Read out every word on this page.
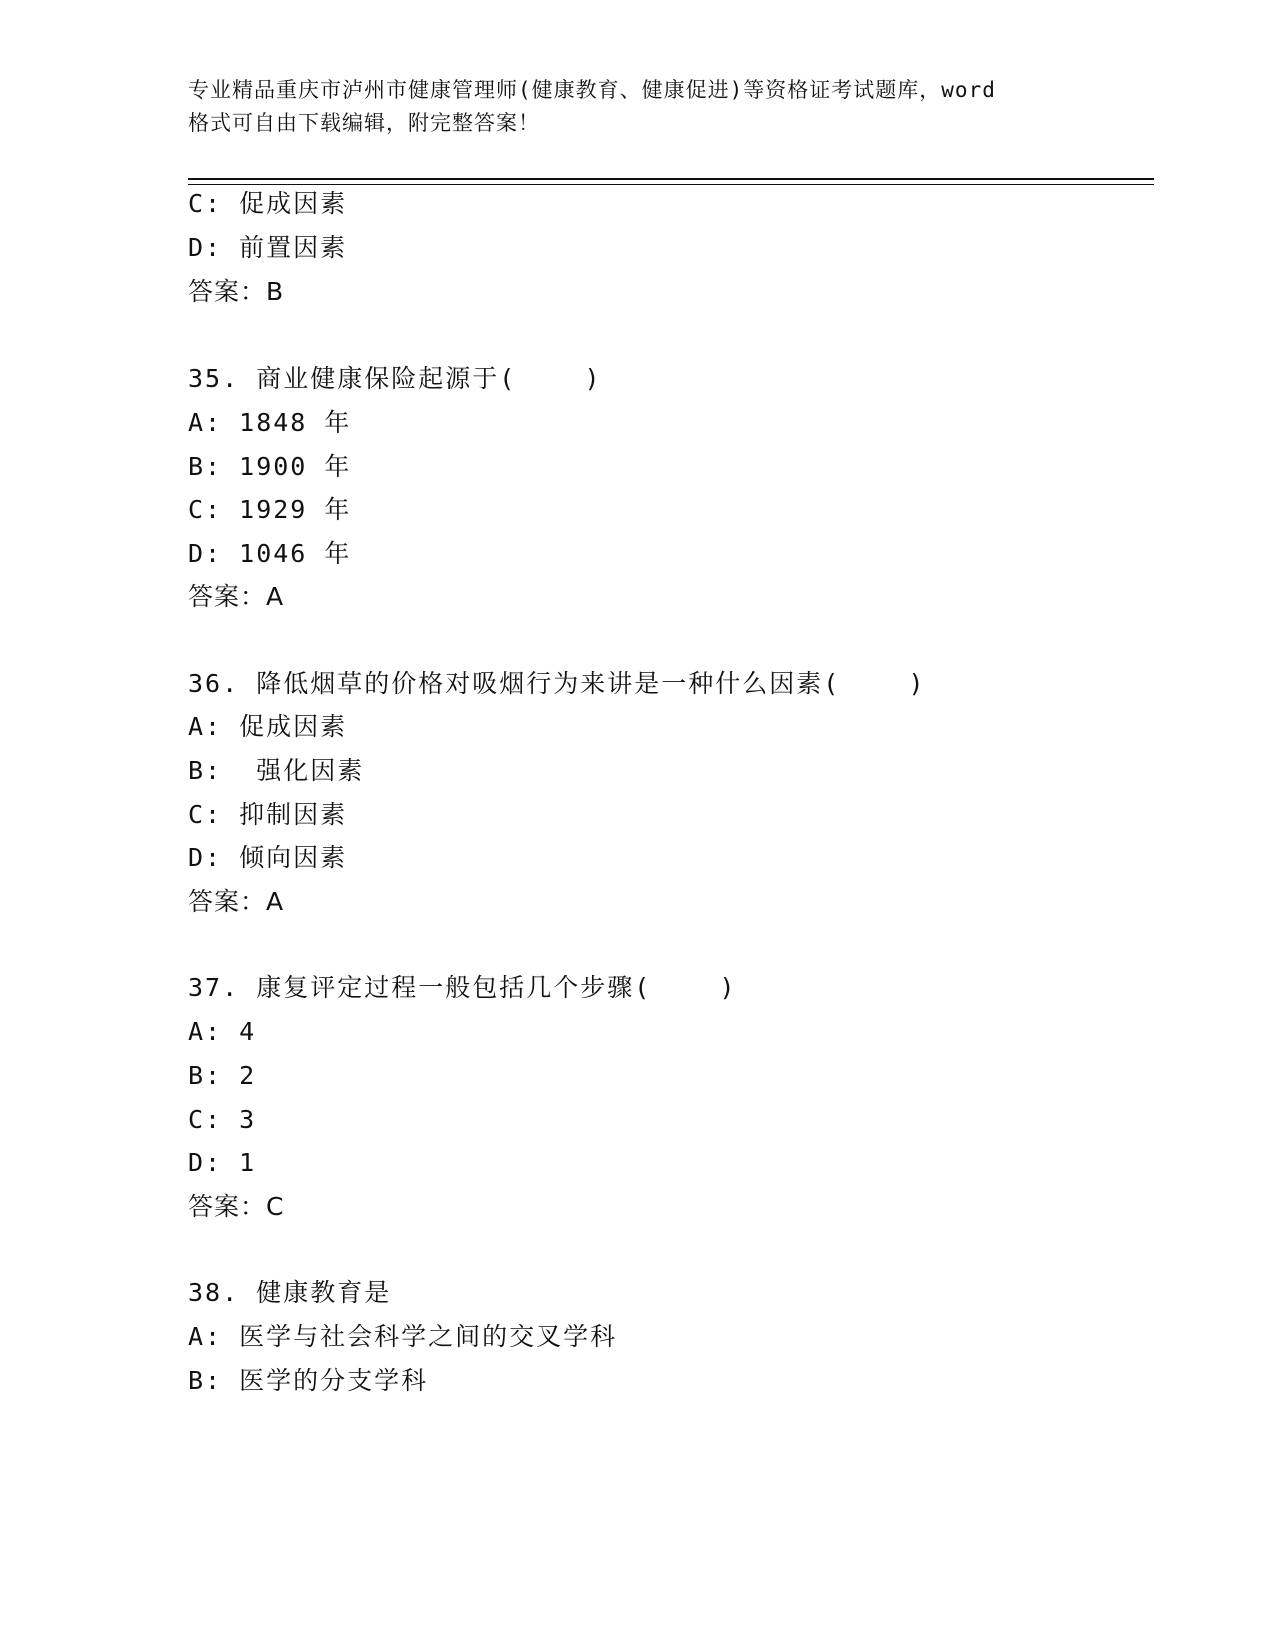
专业精品重庆市泸州市健康管理师(健康教育、健康促进)等资格证考试题库，word
格式可自由下载编辑，附完整答案！
C: 促成因素
D: 前置因素
答案：B
35. 商业健康保险起源于(    )
A: 1848 年
B: 1900 年
C: 1929 年
D: 1046 年
答案：A
36. 降低烟草的价格对吸烟行为来讲是一种什么因素(    )
A: 促成因素
B:  强化因素
C: 抑制因素
D: 倾向因素
答案：A
37. 康复评定过程一般包括几个步骤(    )
A: 4
B: 2
C: 3
D: 1
答案：C
38. 健康教育是
A: 医学与社会科学之间的交叉学科
B: 医学的分支学科
